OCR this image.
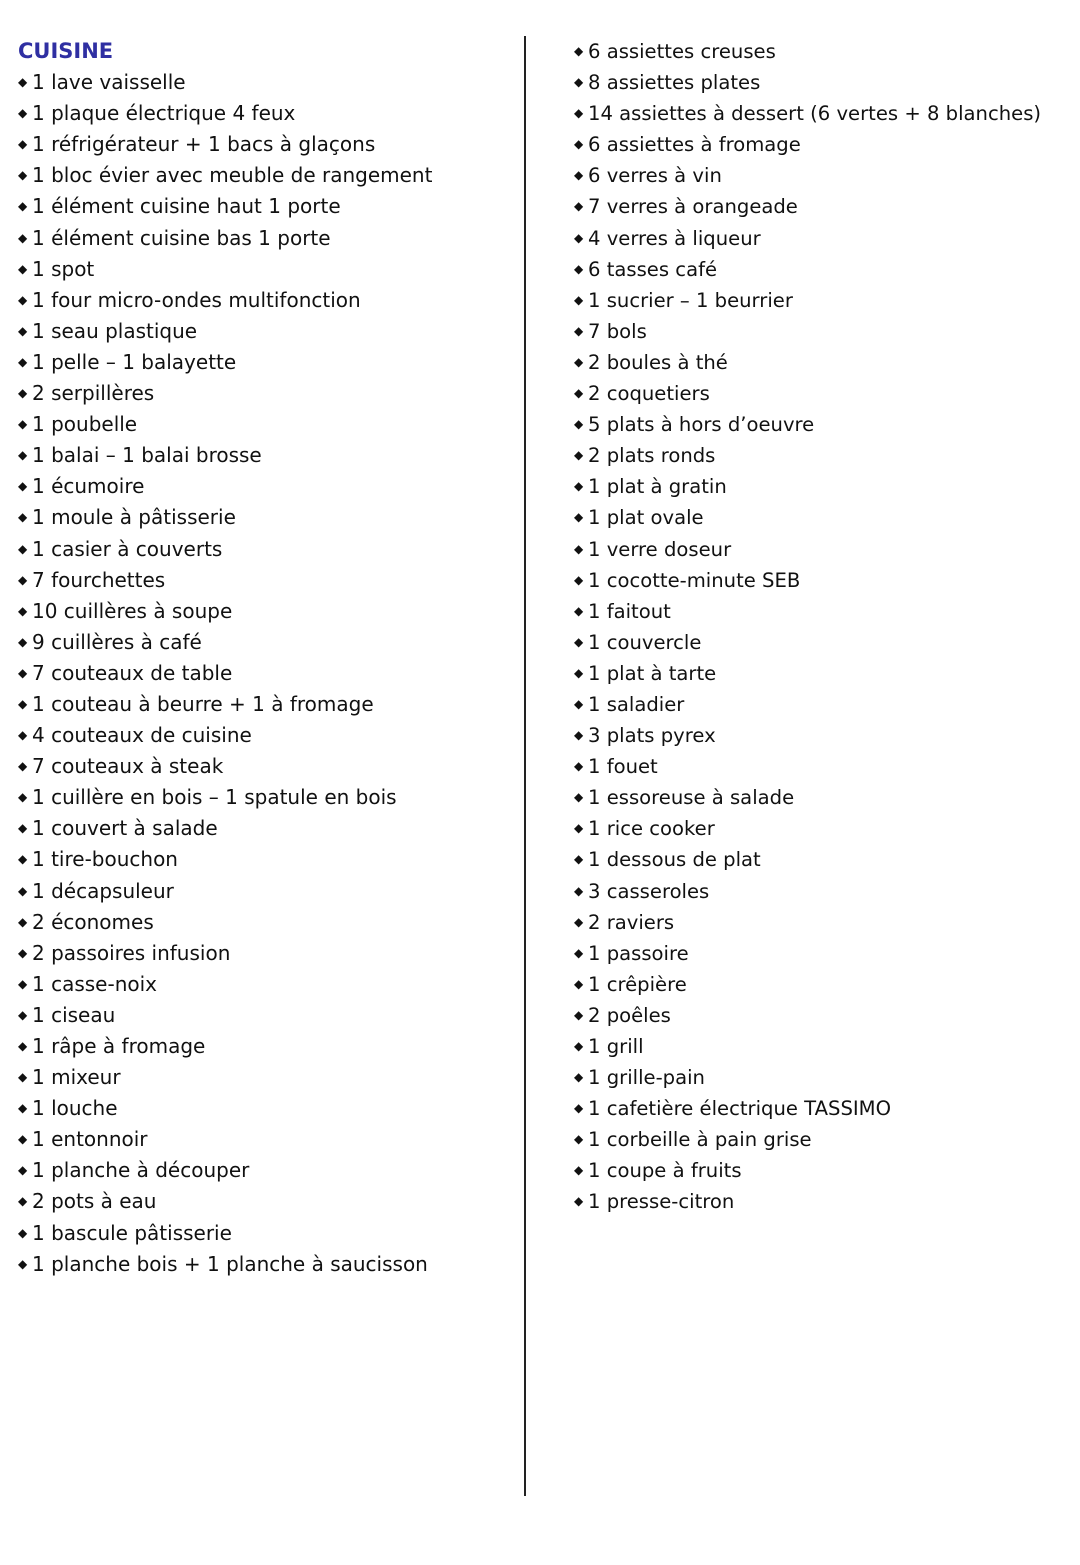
CUISINE
◆ 1 lave vaisselle
◆ 1 plaque électrique 4 feux
◆ 1 réfrigérateur + 1 bacs à glaçons
◆ 1 bloc évier avec meuble de rangement
◆ 1 élément cuisine haut 1 porte
◆ 1 élément cuisine bas 1 porte
◆ 1 spot
◆ 1 four micro-ondes multifonction
◆ 1 seau plastique
◆ 1 pelle – 1 balayette
◆ 2 serpillères
◆ 1 poubelle
◆ 1 balai – 1 balai brosse
◆ 1 écumoire
◆ 1 moule à pâtisserie
◆ 1 casier à couverts
◆ 7 fourchettes
◆ 10 cuillères à soupe
◆ 9 cuillères à café
◆ 7 couteaux de table
◆ 1 couteau à beurre + 1 à fromage
◆ 4 couteaux de cuisine
◆ 7 couteaux à steak
◆ 1 cuillère en bois – 1 spatule en bois
◆ 1 couvert à salade
◆ 1 tire-bouchon
◆ 1 décapsuleur
◆ 2 économes
◆ 2 passoires infusion
◆ 1 casse-noix
◆ 1 ciseau
◆ 1 râpe à fromage
◆ 1 mixeur
◆ 1 louche
◆ 1 entonnoir
◆ 1 planche à découper
◆ 2 pots à eau
◆ 1 bascule pâtisserie
◆ 1 planche bois + 1 planche à saucisson
◆ 6 assiettes creuses
◆ 8 assiettes plates
◆ 14 assiettes à dessert (6 vertes + 8 blanches)
◆ 6 assiettes à fromage
◆ 6 verres à vin
◆ 7 verres à orangeade
◆ 4 verres à liqueur
◆ 6 tasses café
◆ 1 sucrier – 1 beurrier
◆ 7 bols
◆ 2 boules à thé
◆ 2 coquetiers
◆ 5 plats à hors d’oeuvre
◆ 2 plats ronds
◆ 1 plat à gratin
◆ 1 plat ovale
◆ 1 verre doseur
◆ 1 cocotte-minute SEB
◆ 1 faitout
◆ 1 couvercle
◆ 1 plat à tarte
◆ 1 saladier
◆ 3 plats pyrex
◆ 1 fouet
◆ 1 essoreuse à salade
◆ 1 rice cooker
◆ 1 dessous de plat
◆ 3 casseroles
◆ 2 raviers
◆ 1 passoire
◆ 1 crêpière
◆ 2 poêles
◆ 1 grill
◆ 1 grille-pain
◆ 1 cafetière électrique TASSIMO
◆ 1 corbeille à pain grise
◆ 1 coupe à fruits
◆ 1 presse-citron
